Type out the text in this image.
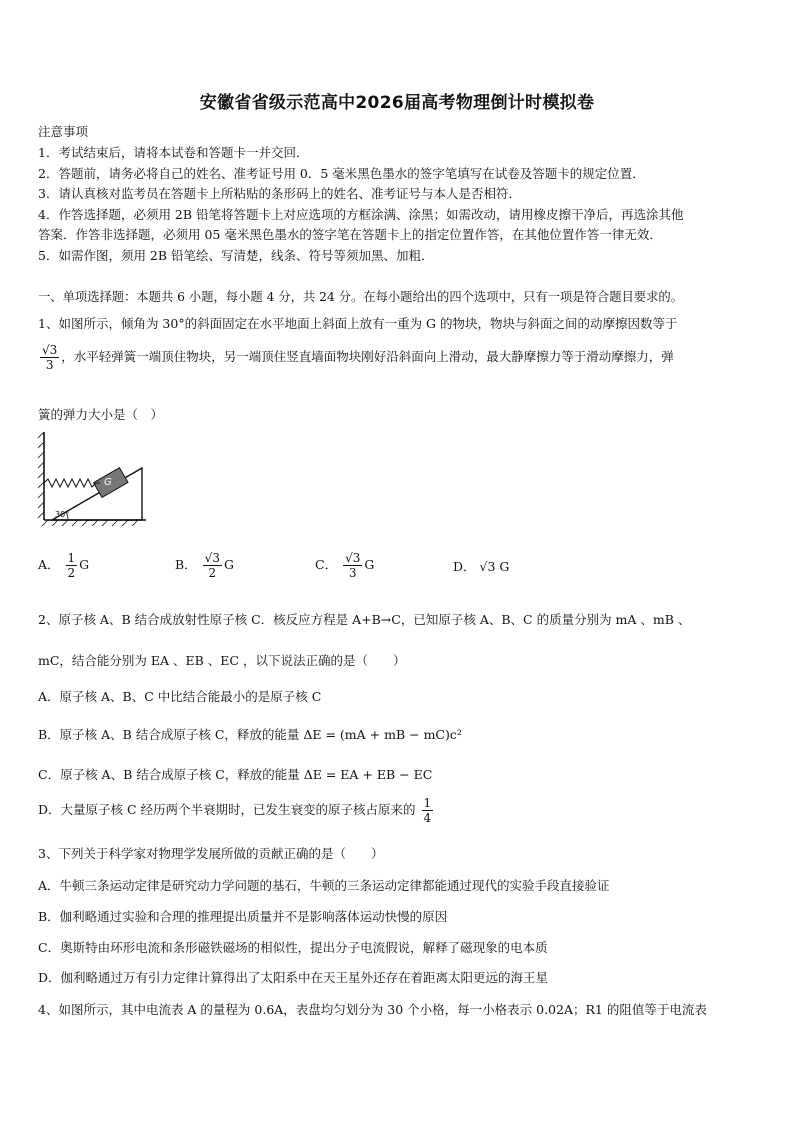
安徽省省级示范高中2026届高考物理倒计时模拟卷
注意事项
1．考试结束后，请将本试卷和答题卡一并交回．
2．答题前，请务必将自己的姓名、准考证号用 0．5 毫米黑色墨水的签字笔填写在试卷及答题卡的规定位置．
3．请认真核对监考员在答题卡上所粘贴的条形码上的姓名、准考证号与本人是否相符．
4．作答选择题，必须用 2B 铅笔将答题卡上对应选项的方框涂满、涂黑；如需改动，请用橡皮擦干净后，再选涂其他
答案．作答非选择题，必须用 05 毫米黑色墨水的签字笔在答题卡上的指定位置作答，在其他位置作答一律无效．
5．如需作图，须用 2B 铅笔绘、写清楚，线条、符号等须加黑、加粗．
一、单项选择题：本题共 6 小题，每小题 4 分，共 24 分。在每小题给出的四个选项中，只有一项是符合题目要求的。
1、如图所示，倾角为 30°的斜面固定在水平地面上斜面上放有一重为 G 的物块，物块与斜面之间的动摩擦因数等于
$\frac{√3}{3}$ ，水平轻弹簧一端顶住物块，另一端顶住竖直墙面物块刚好沿斜面向上滑动，最大静摩擦力等于滑动摩擦力，弹
簧的弹力大小是（　）
G
30°
A． $\frac{1}{2}$ G	B． $\frac{√3}{2}$ G	C． $\frac{√3}{3}$ G	D． √3 G
2、原子核 A、B 结合成放射性原子核 C．核反应方程是 A+B→C，已知原子核 A、B、C 的质量分别为 mA 、mB 、
mC，结合能分别为 EA 、EB 、EC ，以下说法正确的是（　　）
A．原子核 A、B、C 中比结合能最小的是原子核 C
B．原子核 A、B 结合成原子核 C，释放的能量 ΔE = (mA + mB − mC)c²
C．原子核 A、B 结合成原子核 C，释放的能量 ΔE = EA + EB − EC
D．大量原子核 C 经历两个半衰期时，已发生衰变的原子核占原来的 $\frac{1}{4}$
3、下列关于科学家对物理学发展所做的贡献正确的是（　　）
A．牛顿三条运动定律是研究动力学问题的基石，牛顿的三条运动定律都能通过现代的实验手段直接验证
B．伽利略通过实验和合理的推理提出质量并不是影响落体运动快慢的原因
C．奥斯特由环形电流和条形磁铁磁场的相似性，提出分子电流假说，解释了磁现象的电本质
D．伽利略通过万有引力定律计算得出了太阳系中在天王星外还存在着距离太阳更远的海王星
4、如图所示，其中电流表 A 的量程为 0.6A，表盘均匀划分为 30 个小格，每一小格表示 0.02A；R1 的阻值等于电流表
